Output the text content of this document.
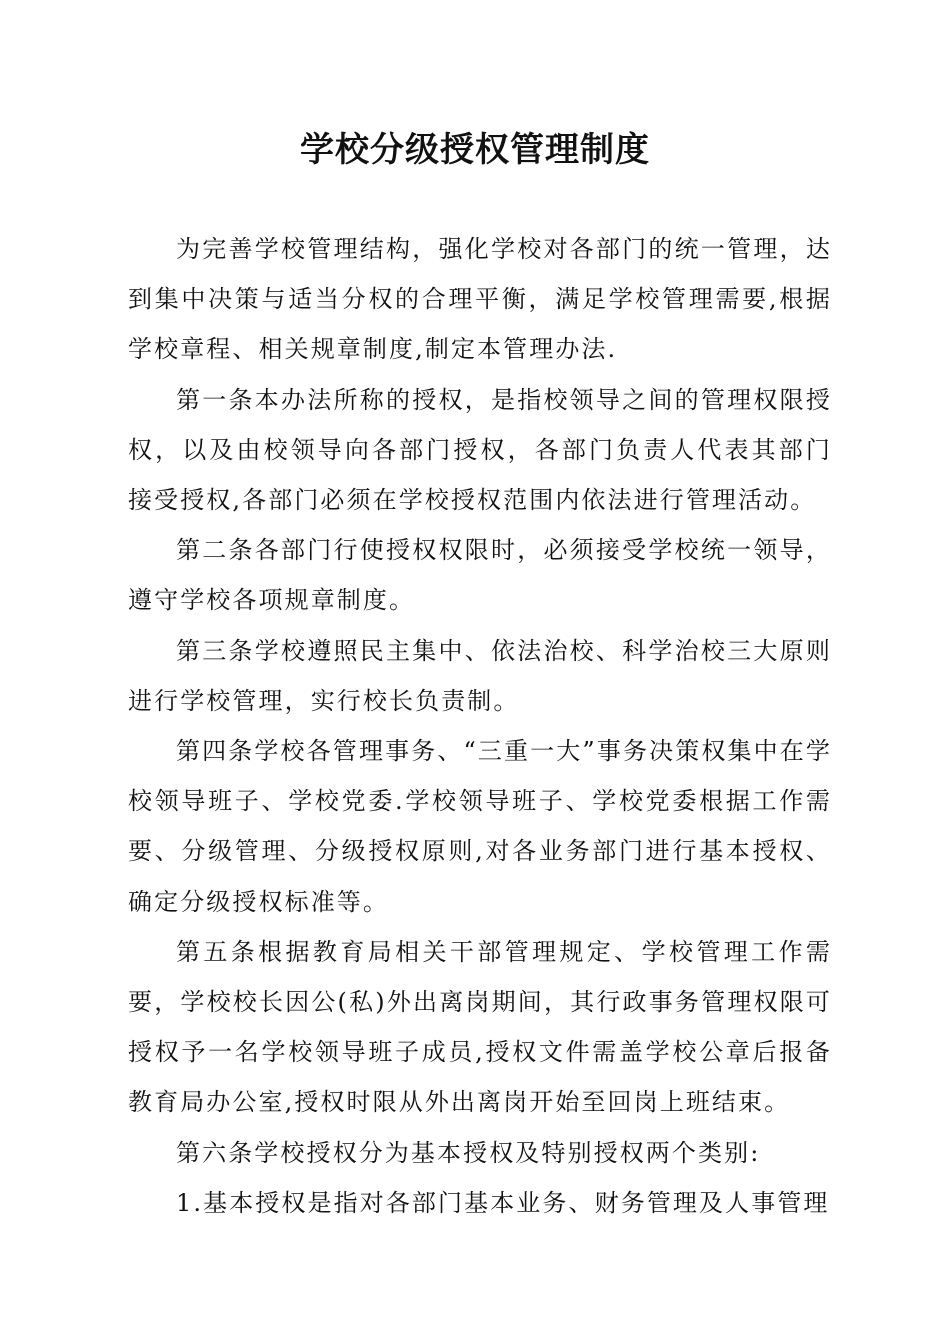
学校分级授权管理制度

为完善学校管理结构，强化学校对各部门的统一管理，达到集中决策与适当分权的合理平衡，满足学校管理需要,根据学校章程、相关规章制度,制定本管理办法.

第一条本办法所称的授权，是指校领导之间的管理权限授权，以及由校领导向各部门授权，各部门负责人代表其部门接受授权,各部门必须在学校授权范围内依法进行管理活动。

第二条各部门行使授权权限时，必须接受学校统一领导，遵守学校各项规章制度。

第三条学校遵照民主集中、依法治校、科学治校三大原则进行学校管理，实行校长负责制。

第四条学校各管理事务、“三重一大”事务决策权集中在学校领导班子、学校党委.学校领导班子、学校党委根据工作需要、分级管理、分级授权原则,对各业务部门进行基本授权、确定分级授权标准等。

第五条根据教育局相关干部管理规定、学校管理工作需要，学校校长因公(私)外出离岗期间，其行政事务管理权限可授权予一名学校领导班子成员,授权文件需盖学校公章后报备教育局办公室,授权时限从外出离岗开始至回岗上班结束。

第六条学校授权分为基本授权及特别授权两个类别:

1.基本授权是指对各部门基本业务、财务管理及人事管理
